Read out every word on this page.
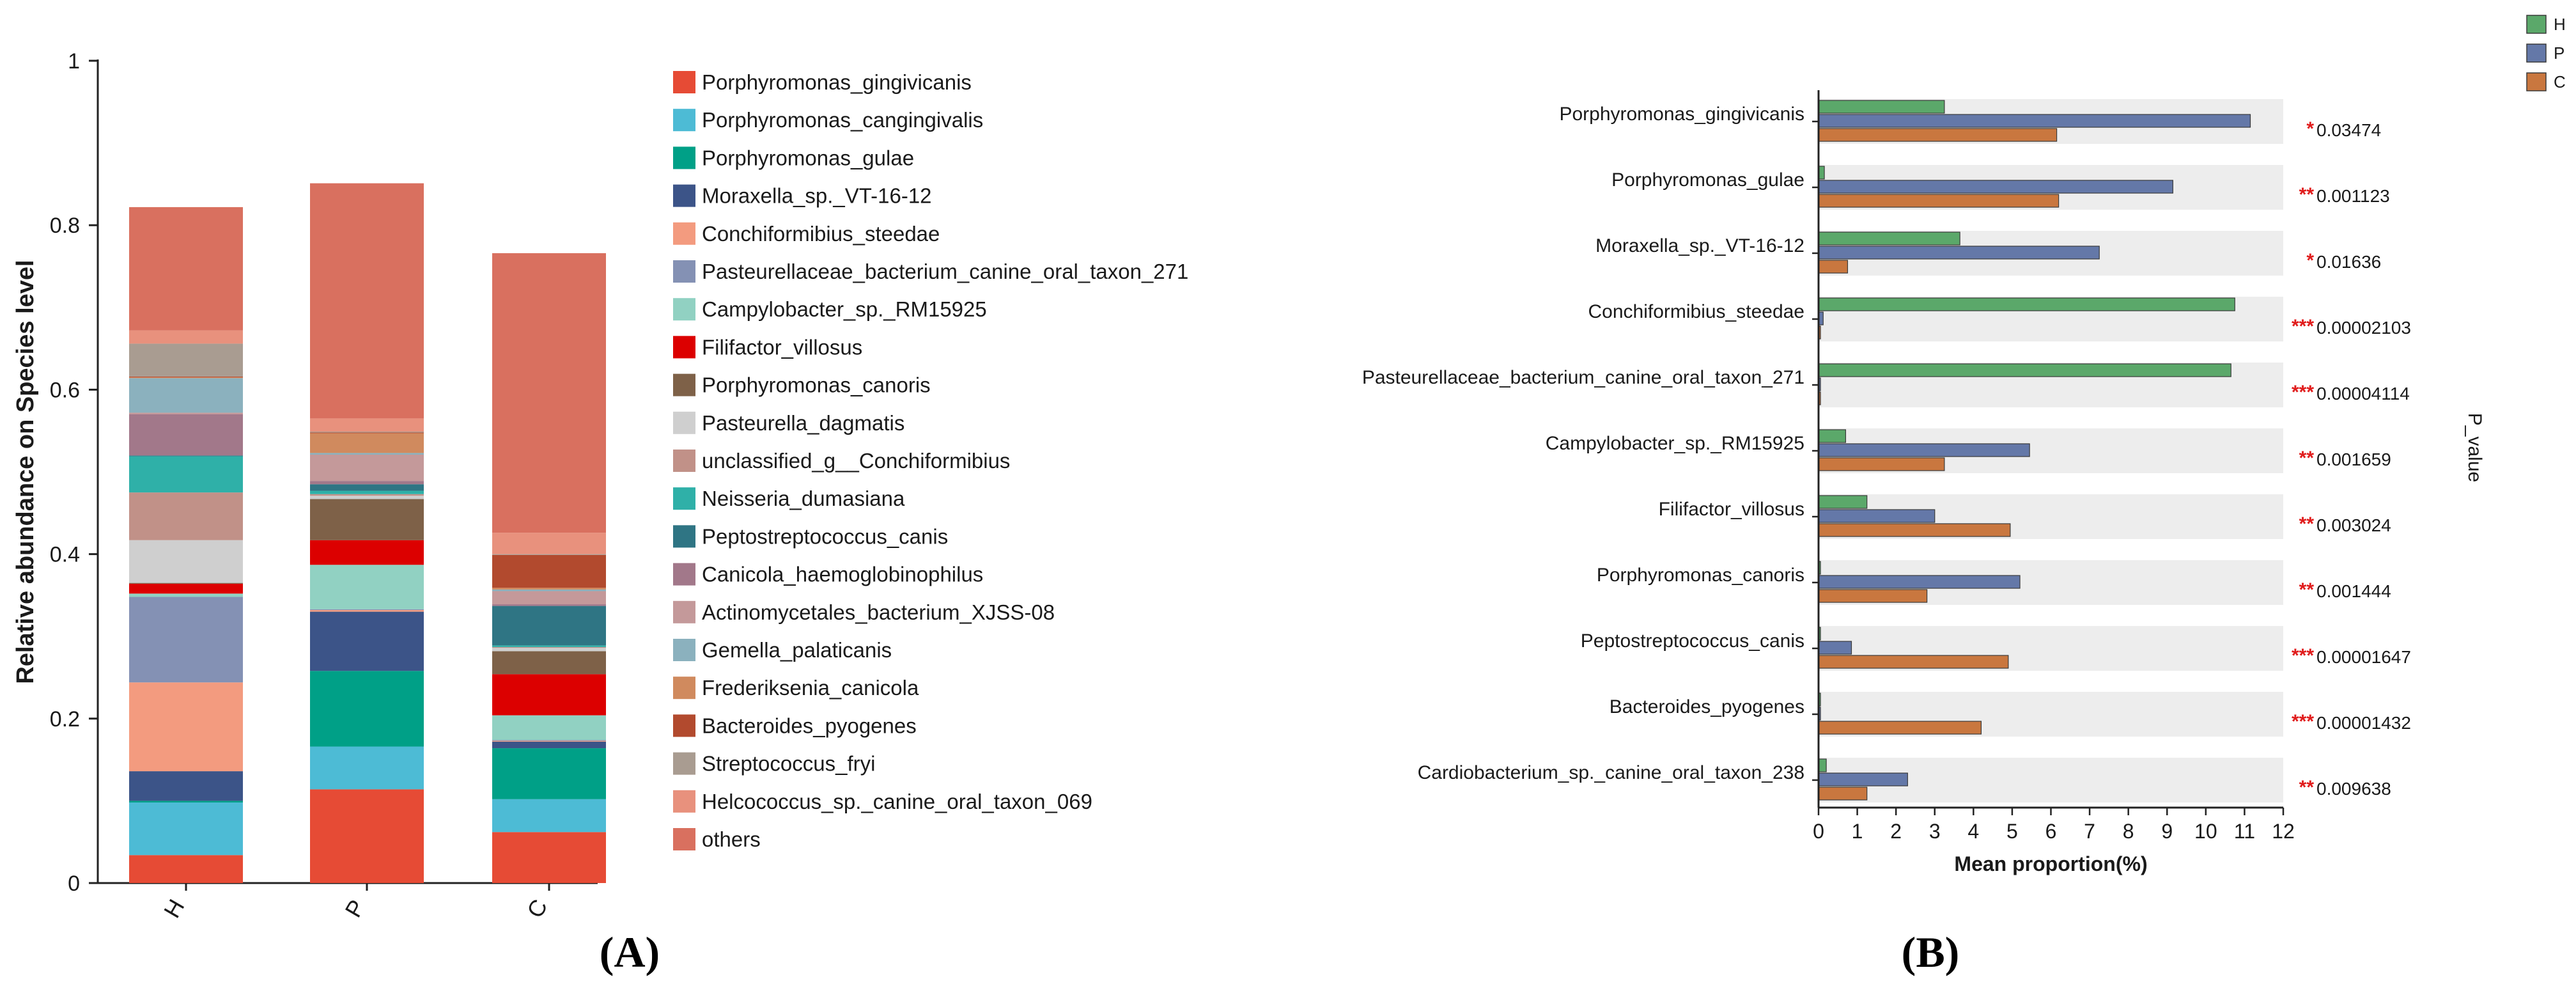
0
0.2
0.4
0.6
0.8
1
Relative abundance on Species level
H	P	C
Porphyromonas_gingivicanis
Porphyromonas_cangingivalis
Porphyromonas_gulae
Moraxella_sp._VT-16-12
Conchiformibius_steedae
Pasteurellaceae_bacterium_canine_oral_taxon_271
Campylobacter_sp._RM15925
Filifactor_villosus
Porphyromonas_canoris
Pasteurella_dagmatis
unclassified_g__Conchiformibius
Neisseria_dumasiana
Peptostreptococcus_canis
Canicola_haemoglobinophilus
Actinomycetales_bacterium_XJSS-08
Gemella_palaticanis
Frederiksenia_canicola
Bacteroides_pyogenes
Streptococcus_fryi
Helcococcus_sp._canine_oral_taxon_069
others
Porphyromonas_gingivicanis
* 0.03474
Porphyromonas_gulae
** 0.001123
Moraxella_sp._VT-16-12
* 0.01636
Conchiformibius_steedae
*** 0.00002103
Pasteurellaceae_bacterium_canine_oral_taxon_271
*** 0.00004114
Campylobacter_sp._RM15925
** 0.001659
Filifactor_villosus
** 0.003024
Porphyromonas_canoris
** 0.001444
Peptostreptococcus_canis
*** 0.00001647
Bacteroides_pyogenes
*** 0.00001432
Cardiobacterium_sp._canine_oral_taxon_238
** 0.009638
0 1 2 3 4 5 6 7 8 9 10 11 12
Mean proportion(%)
P_value
H
P
C
(A)	(B)
